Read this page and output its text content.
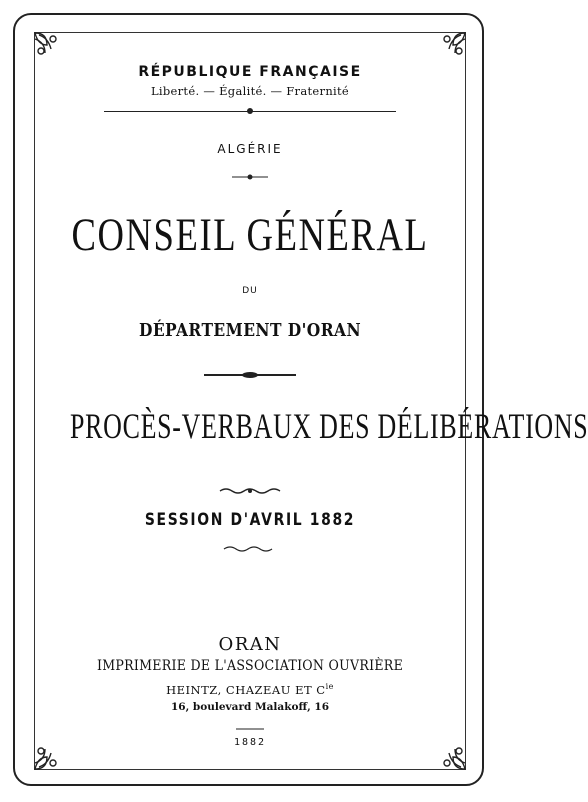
RÉPUBLIQUE FRANÇAISE
Liberté. — Égalité. — Fraternité
ALGÉRIE
CONSEIL GÉNÉRAL
DU
DÉPARTEMENT D'ORAN
PROCÈS-VERBAUX DES DÉLIBÉRATIONS
SESSION D'AVRIL 1882
ORAN
IMPRIMERIE DE L'ASSOCIATION OUVRIÈRE
HEINTZ, CHAZEAU ET $C^{ie}$
16, boulevard Malakoff, 16
1882
